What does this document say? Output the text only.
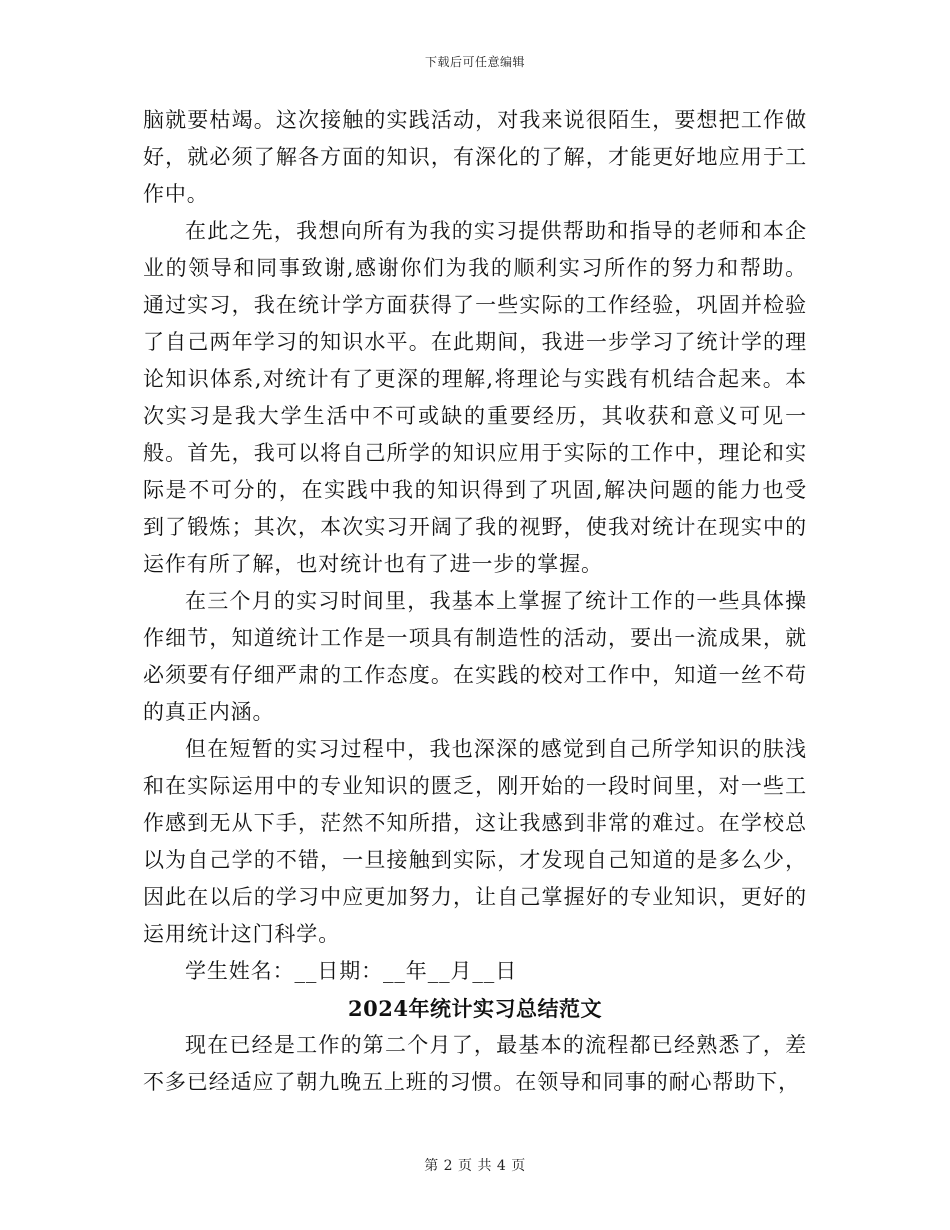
下载后可任意编辑

脑就要枯竭。这次接触的实践活动，对我来说很陌生，要想把工作做好，就必须了解各方面的知识，有深化的了解，才能更好地应用于工作中。

在此之先，我想向所有为我的实习提供帮助和指导的老师和本企业的领导和同事致谢,感谢你们为我的顺利实习所作的努力和帮助。通过实习，我在统计学方面获得了一些实际的工作经验，巩固并检验了自己两年学习的知识水平。在此期间，我进一步学习了统计学的理论知识体系,对统计有了更深的理解,将理论与实践有机结合起来。本次实习是我大学生活中不可或缺的重要经历，其收获和意义可见一般。首先，我可以将自己所学的知识应用于实际的工作中，理论和实际是不可分的，在实践中我的知识得到了巩固,解决问题的能力也受到了锻炼；其次，本次实习开阔了我的视野，使我对统计在现实中的运作有所了解，也对统计也有了进一步的掌握。

在三个月的实习时间里，我基本上掌握了统计工作的一些具体操作细节，知道统计工作是一项具有制造性的活动，要出一流成果，就必须要有仔细严肃的工作态度。在实践的校对工作中，知道一丝不苟的真正内涵。

但在短暂的实习过程中，我也深深的感觉到自己所学知识的肤浅和在实际运用中的专业知识的匮乏，刚开始的一段时间里，对一些工作感到无从下手，茫然不知所措，这让我感到非常的难过。在学校总以为自己学的不错，一旦接触到实际，才发现自己知道的是多么少，因此在以后的学习中应更加努力，让自己掌握好的专业知识，更好的运用统计这门科学。

学生姓名：__日期：__年__月__日

2024年统计实习总结范文

现在已经是工作的第二个月了，最基本的流程都已经熟悉了，差不多已经适应了朝九晚五上班的习惯。在领导和同事的耐心帮助下，

第 2 页 共 4 页
